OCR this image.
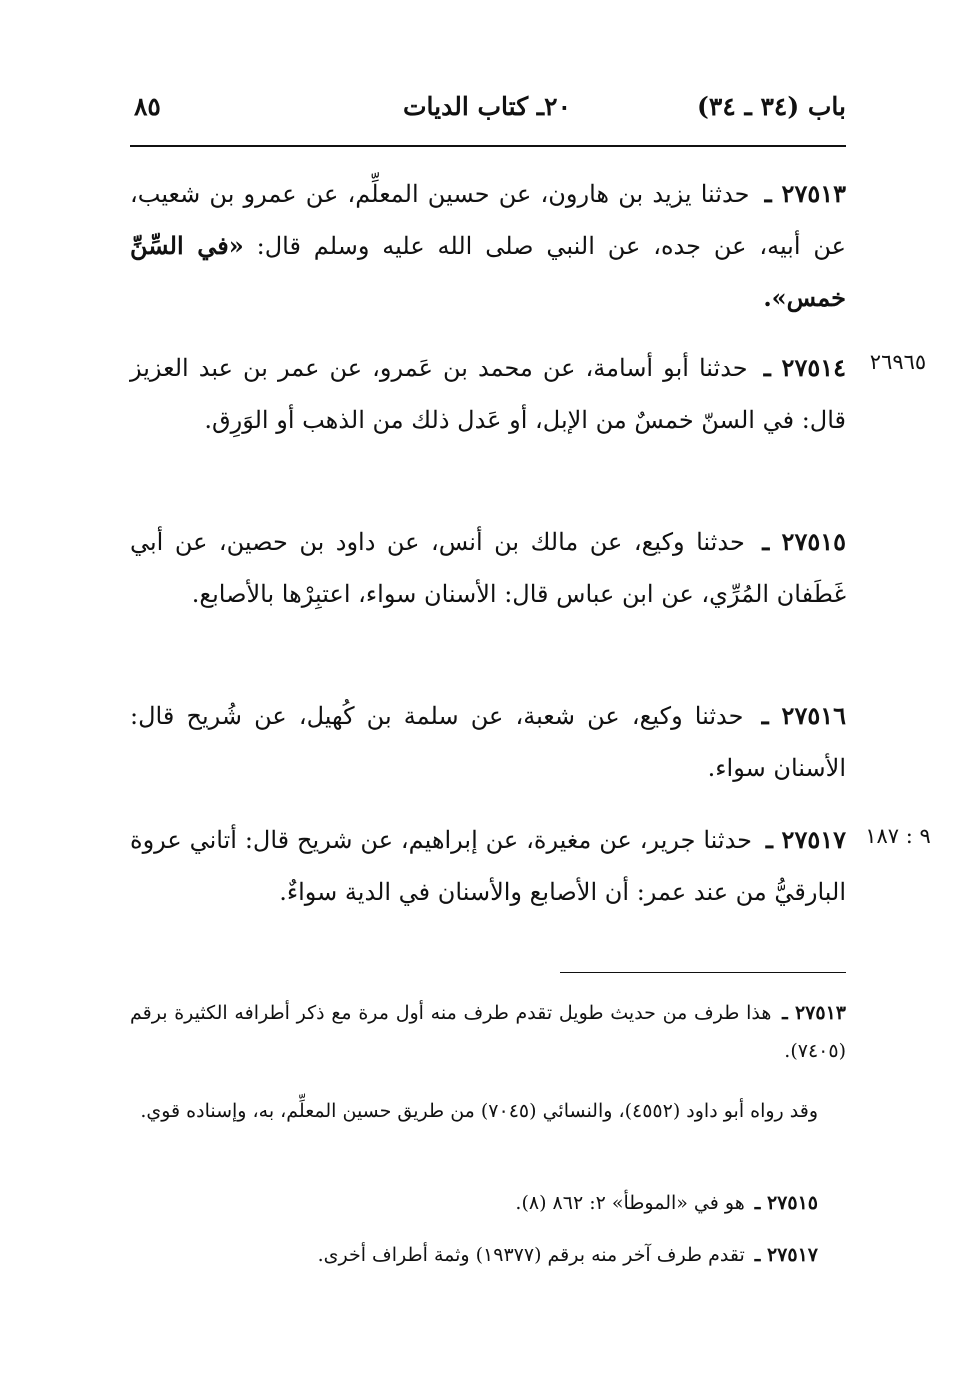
باب (٣٤ ـ ٣٤)
٢٠ـ كتاب الديات
٨٥
٢٧٥١٣ ـ حدثنا يزيد بن هارون، عن حسين المعلِّم، عن عمرو بن شعيب، عن أبيه، عن جده، عن النبي صلى الله عليه وسلم قال: «في السِّنِّ خمس».
٢٦٩٦٥
٢٧٥١٤ ـ حدثنا أبو أسامة، عن محمد بن عَمرو، عن عمر بن عبد العزيز قال: في السنّ خمسٌ من الإبل، أو عَدل ذلك من الذهب أو الوَرِق.
٢٧٥١٥ ـ حدثنا وكيع، عن مالك بن أنس، عن داود بن حصين، عن أبي غَطَفان المُرِّي، عن ابن عباس قال: الأسنان سواء، اعتبِرْها بالأصابع.
٢٧٥١٦ ـ حدثنا وكيع، عن شعبة، عن سلمة بن كُهيل، عن شُريح قال: الأسنان سواء.
٩ : ١٨٧
٢٧٥١٧ ـ حدثنا جرير، عن مغيرة، عن إبراهيم، عن شريح قال: أتاني عروة البارقيُّ من عند عمر: أن الأصابع والأسنان في الدية سواءٌ.
٢٧٥١٣ ـ هذا طرف من حديث طويل تقدم طرف منه أول مرة مع ذكر أطرافه الكثيرة برقم (٧٤٠٥).
وقد رواه أبو داود (٤٥٥٢)، والنسائي (٧٠٤٥) من طريق حسين المعلِّم، به، وإسناده قوي.
٢٧٥١٥ ـ هو في «الموطأ» ٢: ٨٦٢ (٨).
٢٧٥١٧ ـ تقدم طرف آخر منه برقم (١٩٣٧٧) وثمة أطراف أخرى.
